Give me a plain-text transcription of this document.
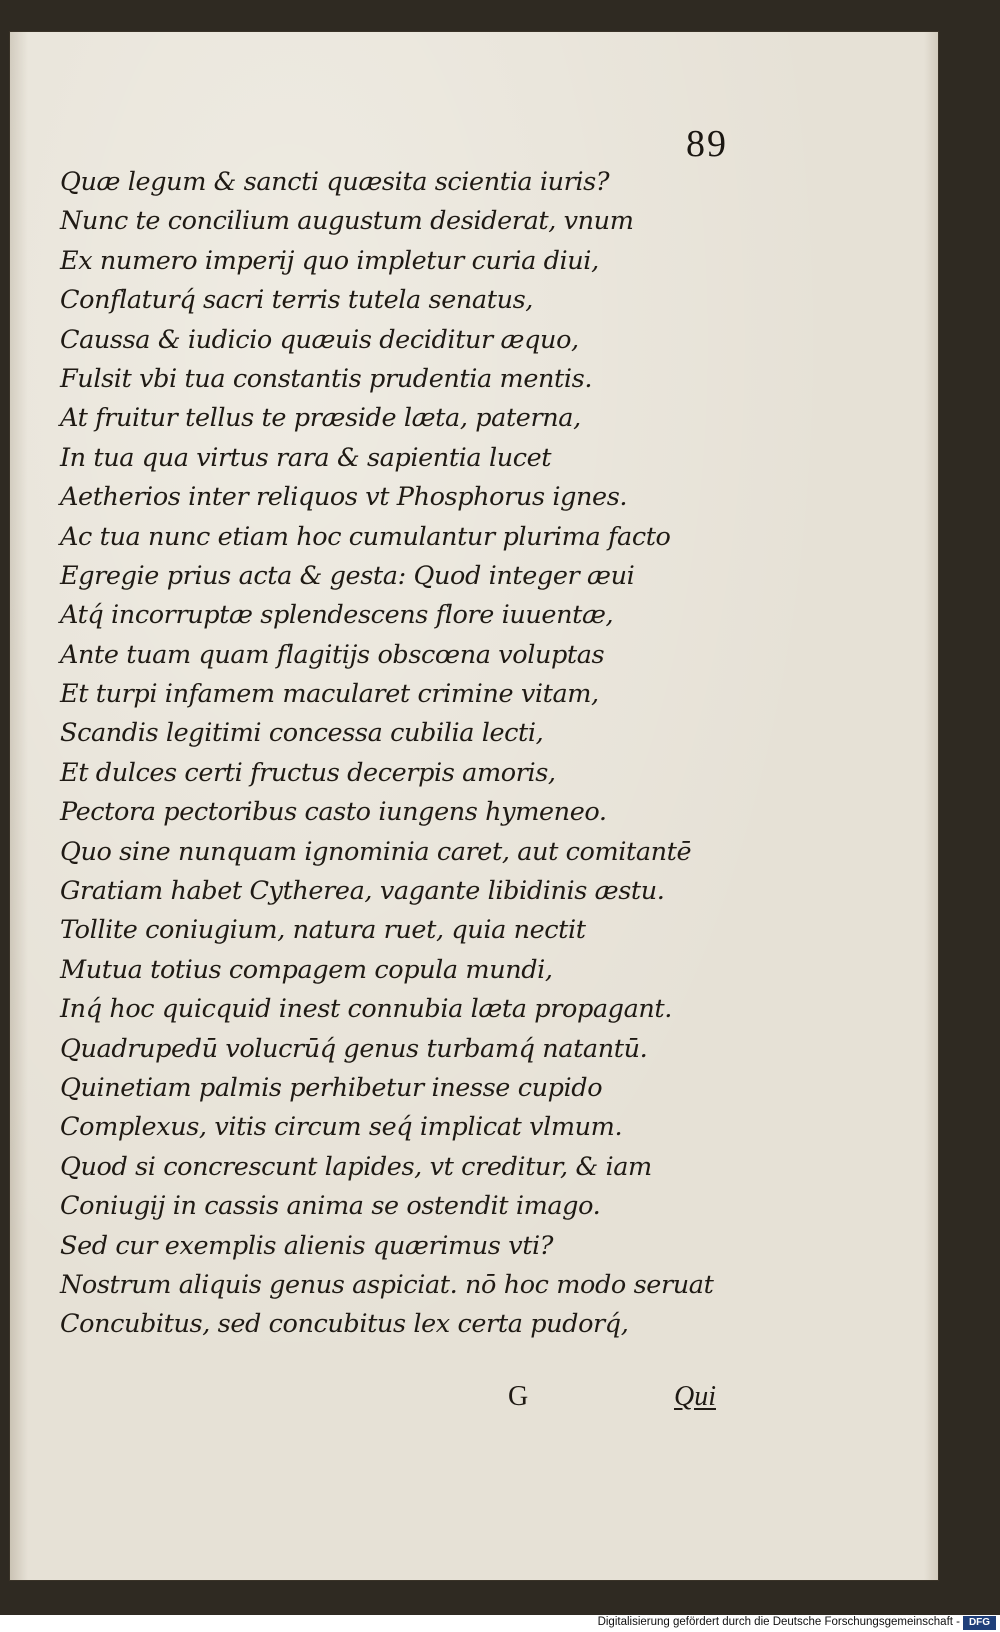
89
Quæ legum & sancti quæsita scientia iuris?
Nunc te concilium augustum desiderat, vnum
Ex numero imperij quo impletur curia diui,
Conflaturq́ sacri terris tutela senatus,
Caussa & iudicio quæuis deciditur æquo,
Fulsit vbi tua constantis prudentia mentis.
At fruitur tellus te præside læta, paterna,
In tua qua virtus rara & sapientia lucet
Aetherios inter reliquos vt Phosphorus ignes.
Ac tua nunc etiam hoc cumulantur plurima facto
Egregie prius acta & gesta: Quod integer æui
Atq́ incorruptæ splendescens flore iuuentæ,
Ante tuam quam flagitijs obscœna voluptas
Et turpi infamem macularet crimine vitam,
Scandis legitimi concessa cubilia lecti,
Et dulces certi fructus decerpis amoris,
Pectora pectoribus casto iungens hymeneo.
Quo sine nunquam ignominia caret, aut comitantē
Gratiam habet Cytherea, vagante libidinis æstu.
Tollite coniugium, natura ruet, quia nectit
Mutua totius compagem copula mundi,
Inq́ hoc quicquid inest connubia læta propagant.
Quadrupedū volucrūq́ genus turbamq́ natantū.
Quinetiam palmis perhibetur inesse cupido
Complexus, vitis circum seq́ implicat vlmum.
Quod si concrescunt lapides, vt creditur, & iam
Coniugij in cassis anima se ostendit imago.
Sed cur exemplis alienis quærimus vti?
Nostrum aliquis genus aspiciat. nō hoc modo seruat
Concubitus, sed concubitus lex certa pudorq́,
G	Qui
Digitalisierung gefördert durch die Deutsche Forschungsgemeinschaft - DFG
